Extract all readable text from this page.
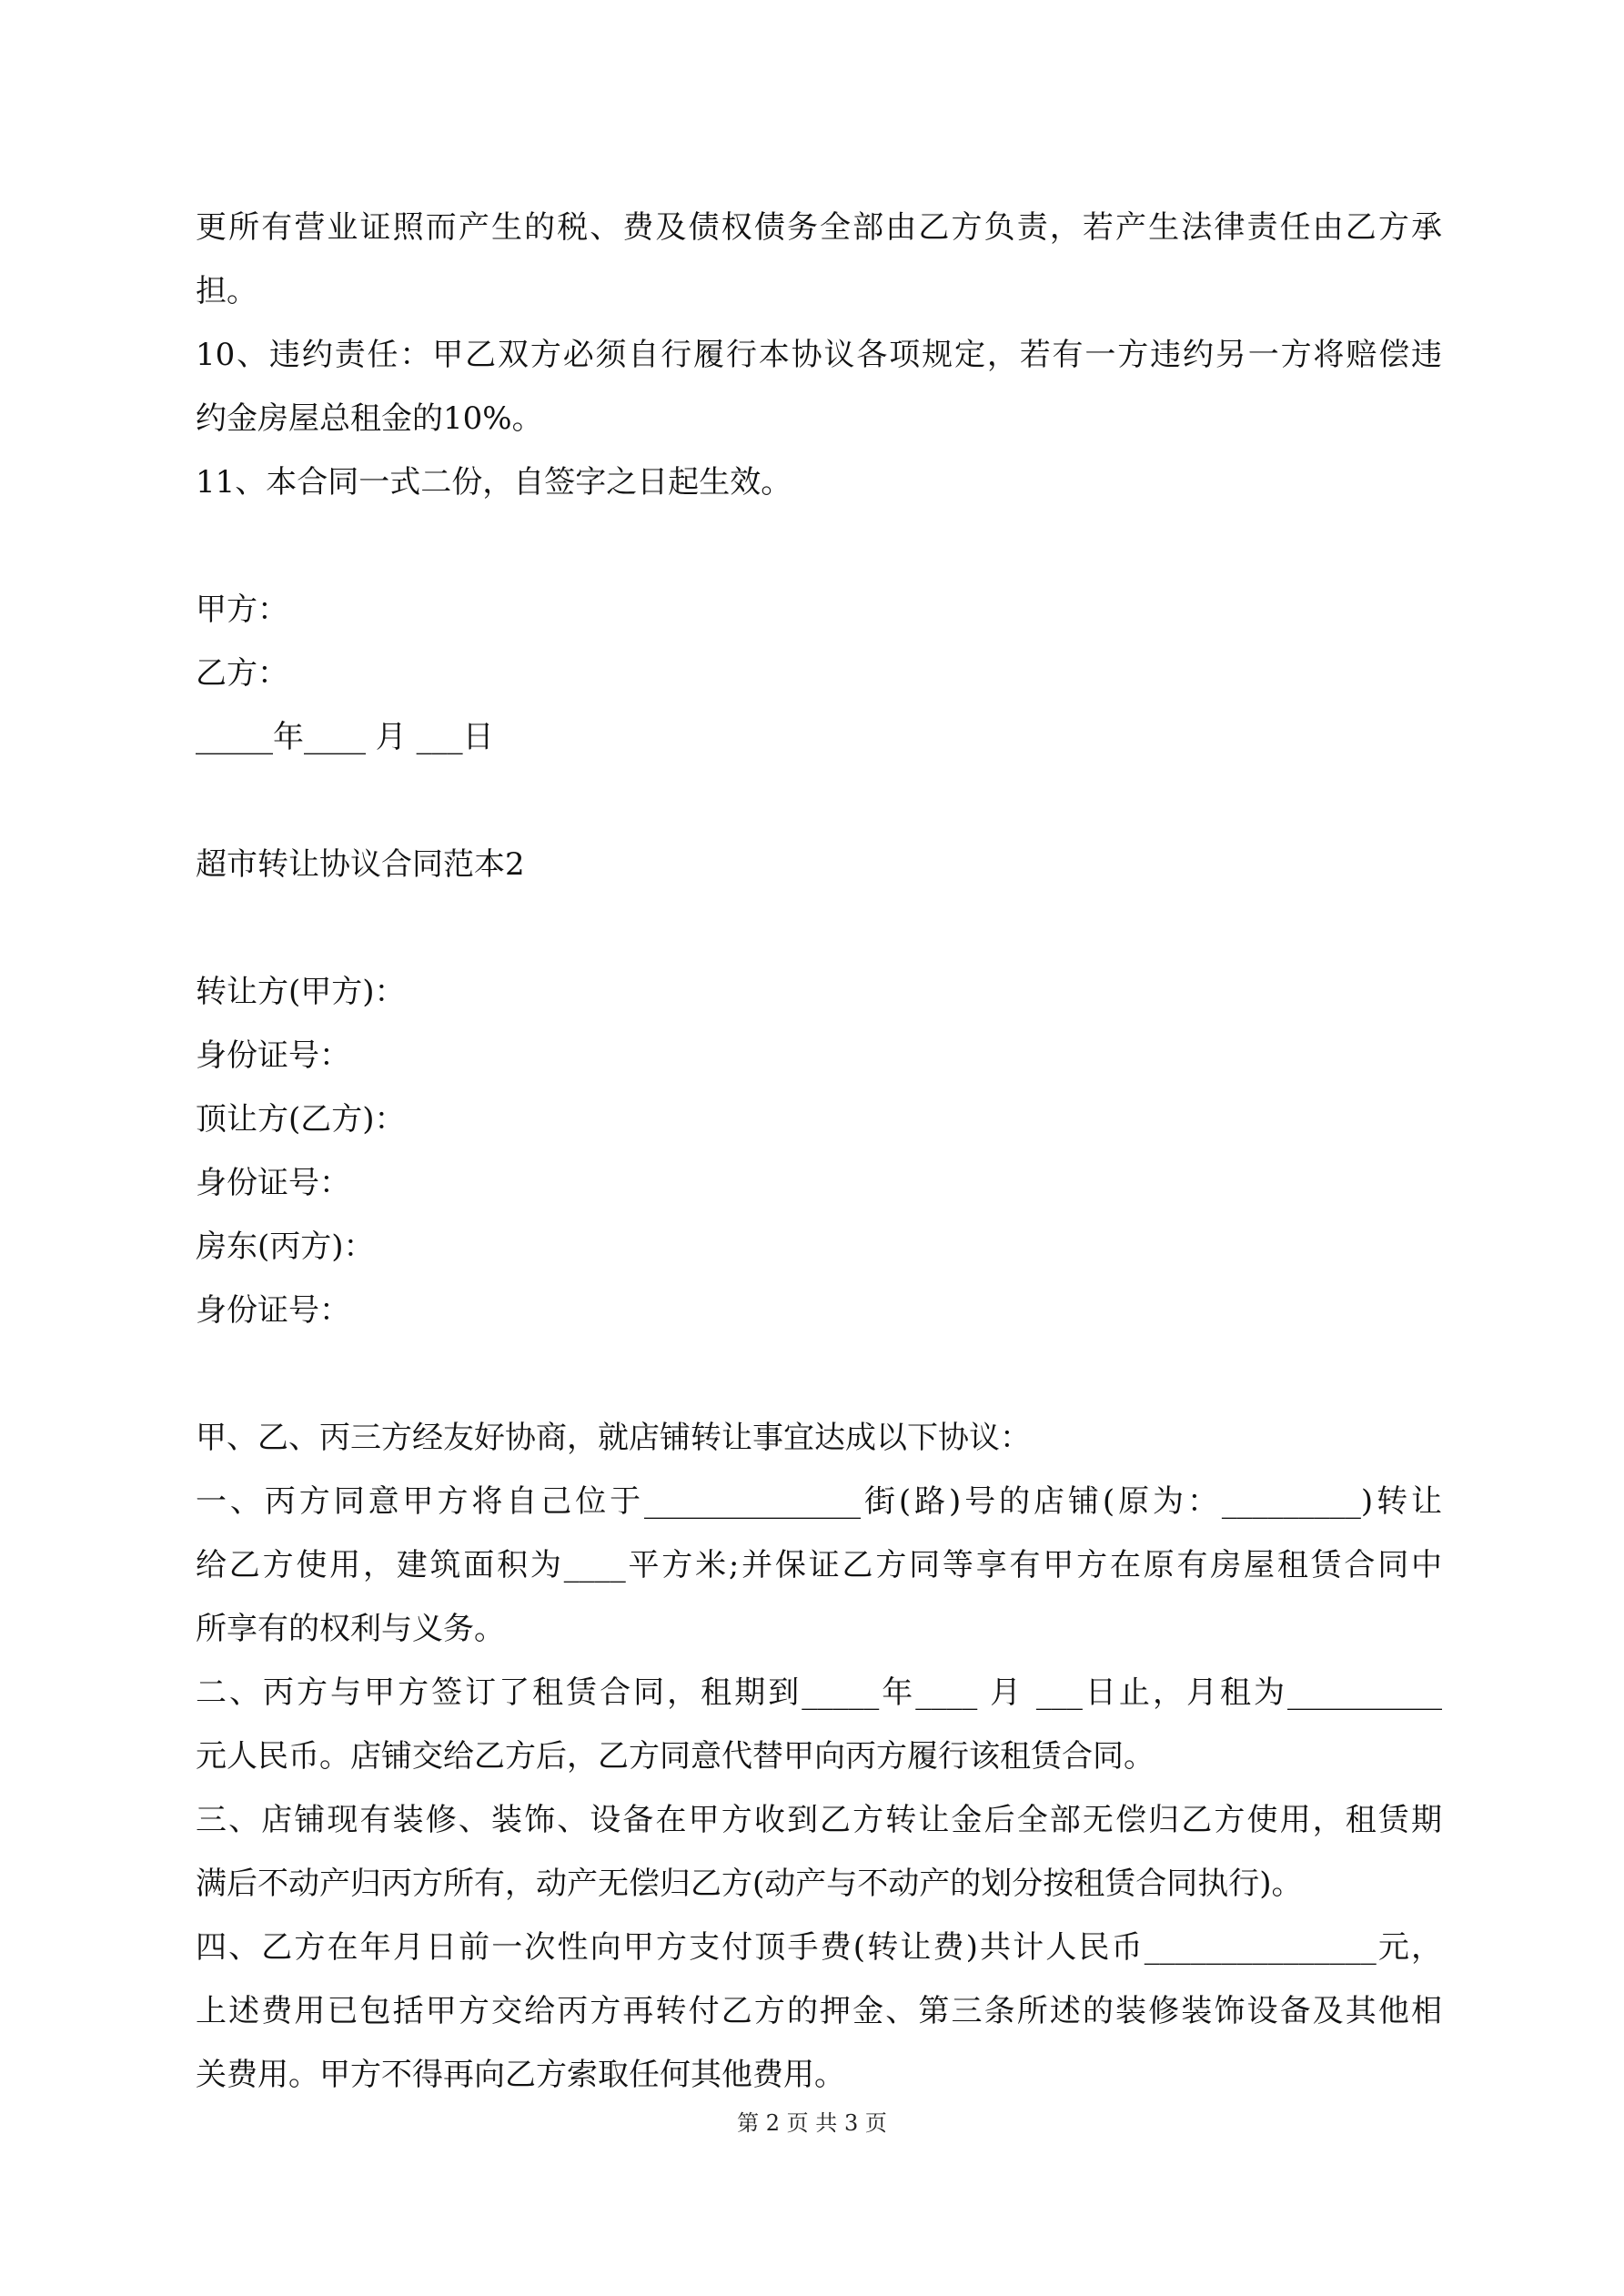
更所有营业证照而产生的税、费及债权债务全部由乙方负责，若产生法律责任由乙方承
担。
10、违约责任：甲乙双方必须自行履行本协议各项规定，若有一方违约另一方将赔偿违
约金房屋总租金的10%。
11、本合同一式二份，自签字之日起生效。
甲方：
乙方：
_____年____ 月 ___日
超市转让协议合同范本2
转让方(甲方)：
身份证号：
顶让方(乙方)：
身份证号：
房东(丙方)：
身份证号：
甲、乙、丙三方经友好协商，就店铺转让事宜达成以下协议：
一、丙方同意甲方将自己位于______________街(路)号的店铺(原为：_________)转让
给乙方使用，建筑面积为____平方米;并保证乙方同等享有甲方在原有房屋租赁合同中
所享有的权利与义务。
二、丙方与甲方签订了租赁合同，租期到_____年____ 月 ___日止，月租为__________
元人民币。店铺交给乙方后，乙方同意代替甲向丙方履行该租赁合同。
三、店铺现有装修、装饰、设备在甲方收到乙方转让金后全部无偿归乙方使用，租赁期
满后不动产归丙方所有，动产无偿归乙方(动产与不动产的划分按租赁合同执行)。
四、乙方在年月日前一次性向甲方支付顶手费(转让费)共计人民币_______________元，
上述费用已包括甲方交给丙方再转付乙方的押金、第三条所述的装修装饰设备及其他相
关费用。甲方不得再向乙方索取任何其他费用。
第 2 页 共 3 页
